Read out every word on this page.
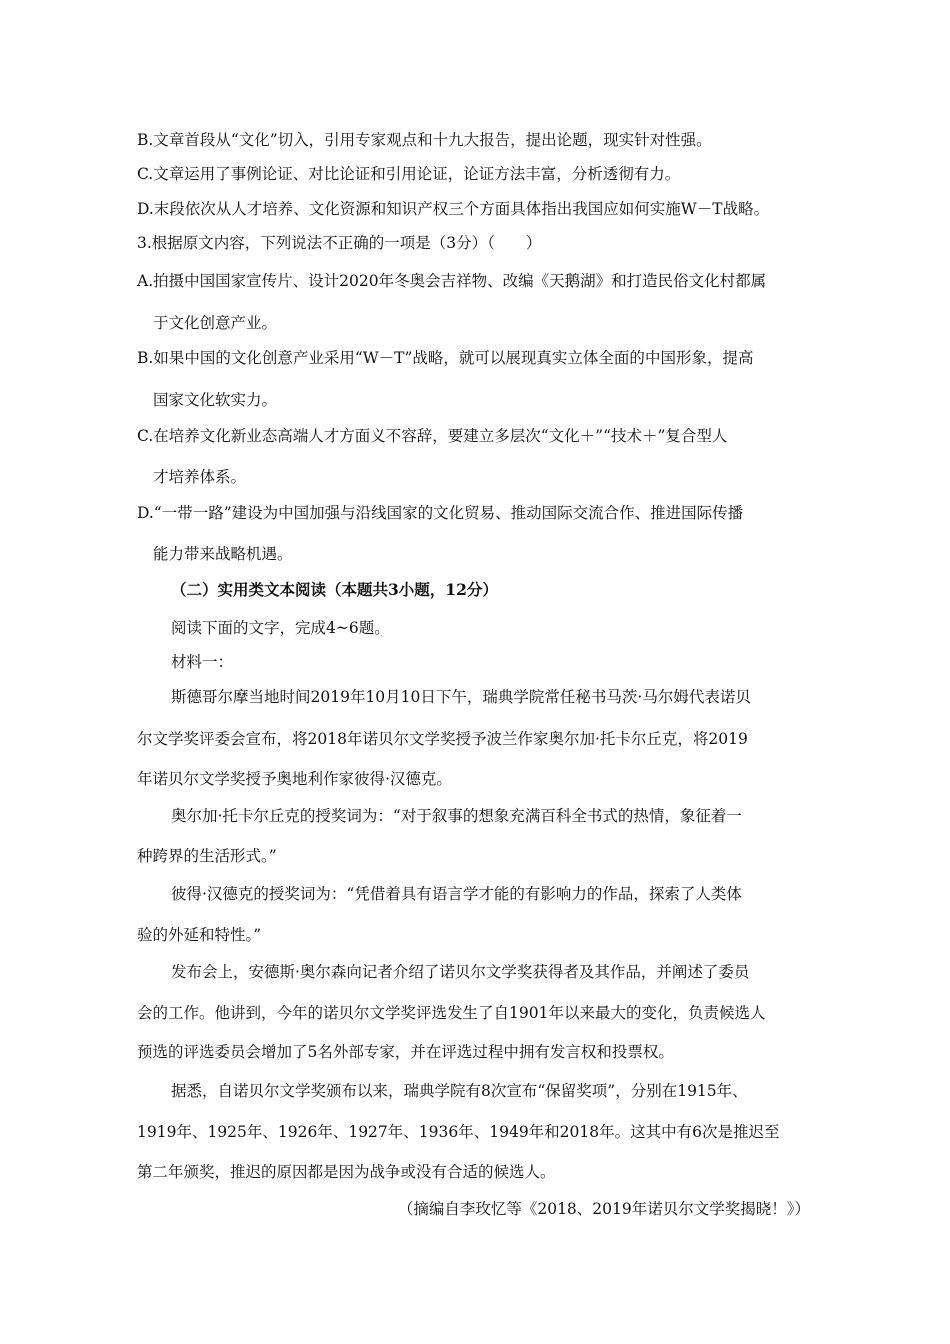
B.文章首段从“文化”切入，引用专家观点和十九大报告，提出论题，现实针对性强。
C.文章运用了事例论证、对比论证和引用论证，论证方法丰富，分析透彻有力。
D.末段依次从人才培养、文化资源和知识产权三个方面具体指出我国应如何实施W－T战略。
3.根据原文内容，下列说法不正确的一项是（3分）（　　）
A.拍摄中国国家宣传片、设计2020年冬奥会吉祥物、改编《天鹅湖》和打造民俗文化村都属
于文化创意产业。
B.如果中国的文化创意产业采用“W－T”战略，就可以展现真实立体全面的中国形象，提高
国家文化软实力。
C.在培养文化新业态高端人才方面义不容辞，要建立多层次“文化＋”“技术＋”复合型人
才培养体系。
D.“一带一路”建设为中国加强与沿线国家的文化贸易、推动国际交流合作、推进国际传播
能力带来战略机遇。
（二）实用类文本阅读（本题共3小题，12分）
阅读下面的文字，完成4~6题。
材料一：
斯德哥尔摩当地时间2019年10月10日下午，瑞典学院常任秘书马茨·马尔姆代表诺贝
尔文学奖评委会宣布，将2018年诺贝尔文学奖授予波兰作家奥尔加·托卡尔丘克，将2019
年诺贝尔文学奖授予奥地利作家彼得·汉德克。
奥尔加·托卡尔丘克的授奖词为：“对于叙事的想象充满百科全书式的热情，象征着一
种跨界的生活形式。”
彼得·汉德克的授奖词为：“凭借着具有语言学才能的有影响力的作品，探索了人类体
验的外延和特性。”
发布会上，安德斯·奥尔森向记者介绍了诺贝尔文学奖获得者及其作品，并阐述了委员
会的工作。他讲到，今年的诺贝尔文学奖评选发生了自1901年以来最大的变化，负责候选人
预选的评选委员会增加了5名外部专家，并在评选过程中拥有发言权和投票权。
据悉，自诺贝尔文学奖颁布以来，瑞典学院有8次宣布“保留奖项”，分别在1915年、
1919年、1925年、1926年、1927年、1936年、1949年和2018年。这其中有6次是推迟至
第二年颁奖，推迟的原因都是因为战争或没有合适的候选人。
（摘编自李玫忆等《2018、2019年诺贝尔文学奖揭晓！》）
